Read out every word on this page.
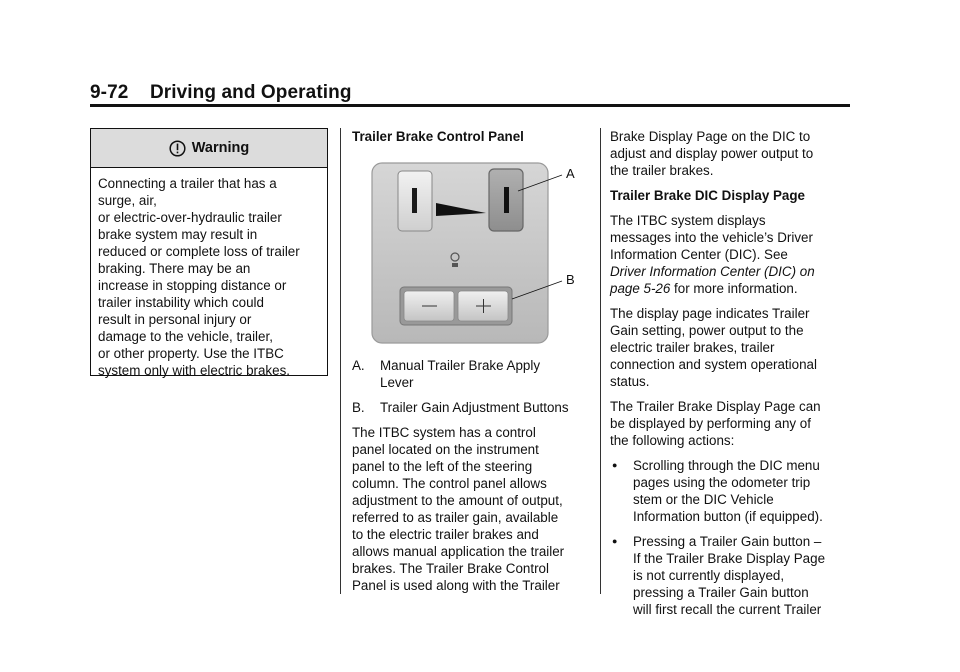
9-72    Driving and Operating
Warning
Connecting a trailer that has a
surge, air,
or electric-over-hydraulic trailer
brake system may result in
reduced or complete loss of trailer
braking. There may be an
increase in stopping distance or
trailer instability which could
result in personal injury or
damage to the vehicle, trailer,
or other property. Use the ITBC
system only with electric brakes.

Trailer Brake Control Panel

A
B
A.	Manual Trailer Brake Apply
Lever
B.	Trailer Gain Adjustment Buttons

The ITBC system has a control
panel located on the instrument
panel to the left of the steering
column. The control panel allows
adjustment to the amount of output,
referred to as trailer gain, available
to the electric trailer brakes and
allows manual application the trailer
brakes. The Trailer Brake Control
Panel is used along with the Trailer

Brake Display Page on the DIC to
adjust and display power output to
the trailer brakes.

Trailer Brake DIC Display Page

The ITBC system displays
messages into the vehicle’s Driver
Information Center (DIC). See
Driver Information Center (DIC) on
page 5-26 for more information.

The display page indicates Trailer
Gain setting, power output to the
electric trailer brakes, trailer
connection and system operational
status.

The Trailer Brake Display Page can
be displayed by performing any of
the following actions:

●	Scrolling through the DIC menu
pages using the odometer trip
stem or the DIC Vehicle
Information button (if equipped).
●	Pressing a Trailer Gain button –
If the Trailer Brake Display Page
is not currently displayed,
pressing a Trailer Gain button
will first recall the current Trailer
